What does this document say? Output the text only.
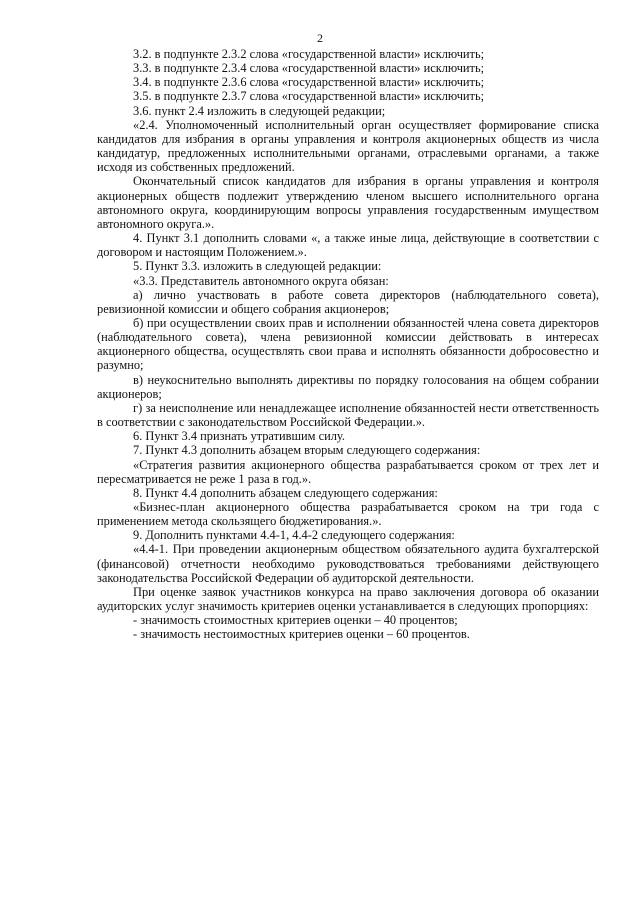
2

3.2. в подпункте 2.3.2 слова «государственной власти» исключить;

3.3. в подпункте 2.3.4 слова «государственной власти» исключить;

3.4. в подпункте 2.3.6 слова «государственной власти» исключить;

3.5. в подпункте 2.3.7 слова «государственной власти» исключить;

3.6. пункт 2.4 изложить в следующей редакции;

«2.4. Уполномоченный исполнительный орган осуществляет формирование списка кандидатов для избрания в органы управления и контроля акционерных обществ из числа кандидатур, предложенных исполнительными органами, отраслевыми органами, а также исходя из собственных предложений.

Окончательный список кандидатов для избрания в органы управления и контроля акционерных обществ подлежит утверждению членом высшего исполнительного органа автономного округа, координирующим вопросы управления государственным имуществом автономного округа.».

4. Пункт 3.1 дополнить словами «, а также иные лица, действующие в соответствии с договором и настоящим Положением.».

5. Пункт 3.3. изложить в следующей редакции:

«3.3. Представитель автономного округа обязан:

а) лично участвовать в работе совета директоров (наблюдательного совета), ревизионной комиссии и общего собрания акционеров;

б) при осуществлении своих прав и исполнении обязанностей члена совета директоров (наблюдательного совета), члена ревизионной комиссии действовать в интересах акционерного общества, осуществлять свои права и исполнять обязанности добросовестно и разумно;

в) неукоснительно выполнять директивы по порядку голосования на общем собрании акционеров;

г) за неисполнение или ненадлежащее исполнение обязанностей нести ответственность в соответствии с законодательством Российской Федерации.».

6. Пункт 3.4 признать утратившим силу.

7. Пункт 4.3 дополнить абзацем вторым следующего содержания:

«Стратегия развития акционерного общества разрабатывается сроком от трех лет и пересматривается не реже 1 раза в год.».

8. Пункт 4.4 дополнить абзацем следующего содержания:

«Бизнес-план акционерного общества разрабатывается сроком на три года с применением метода скользящего бюджетирования.».

9. Дополнить пунктами 4.4-1, 4.4-2 следующего содержания:

«4.4-1. При проведении акционерным обществом обязательного аудита бухгалтерской (финансовой) отчетности необходимо руководствоваться требованиями действующего законодательства Российской Федерации об аудиторской деятельности.

При оценке заявок участников конкурса на право заключения договора об оказании аудиторских услуг значимость критериев оценки устанавливается в следующих пропорциях:

- значимость стоимостных критериев оценки – 40 процентов;

- значимость нестоимостных критериев оценки – 60 процентов.
